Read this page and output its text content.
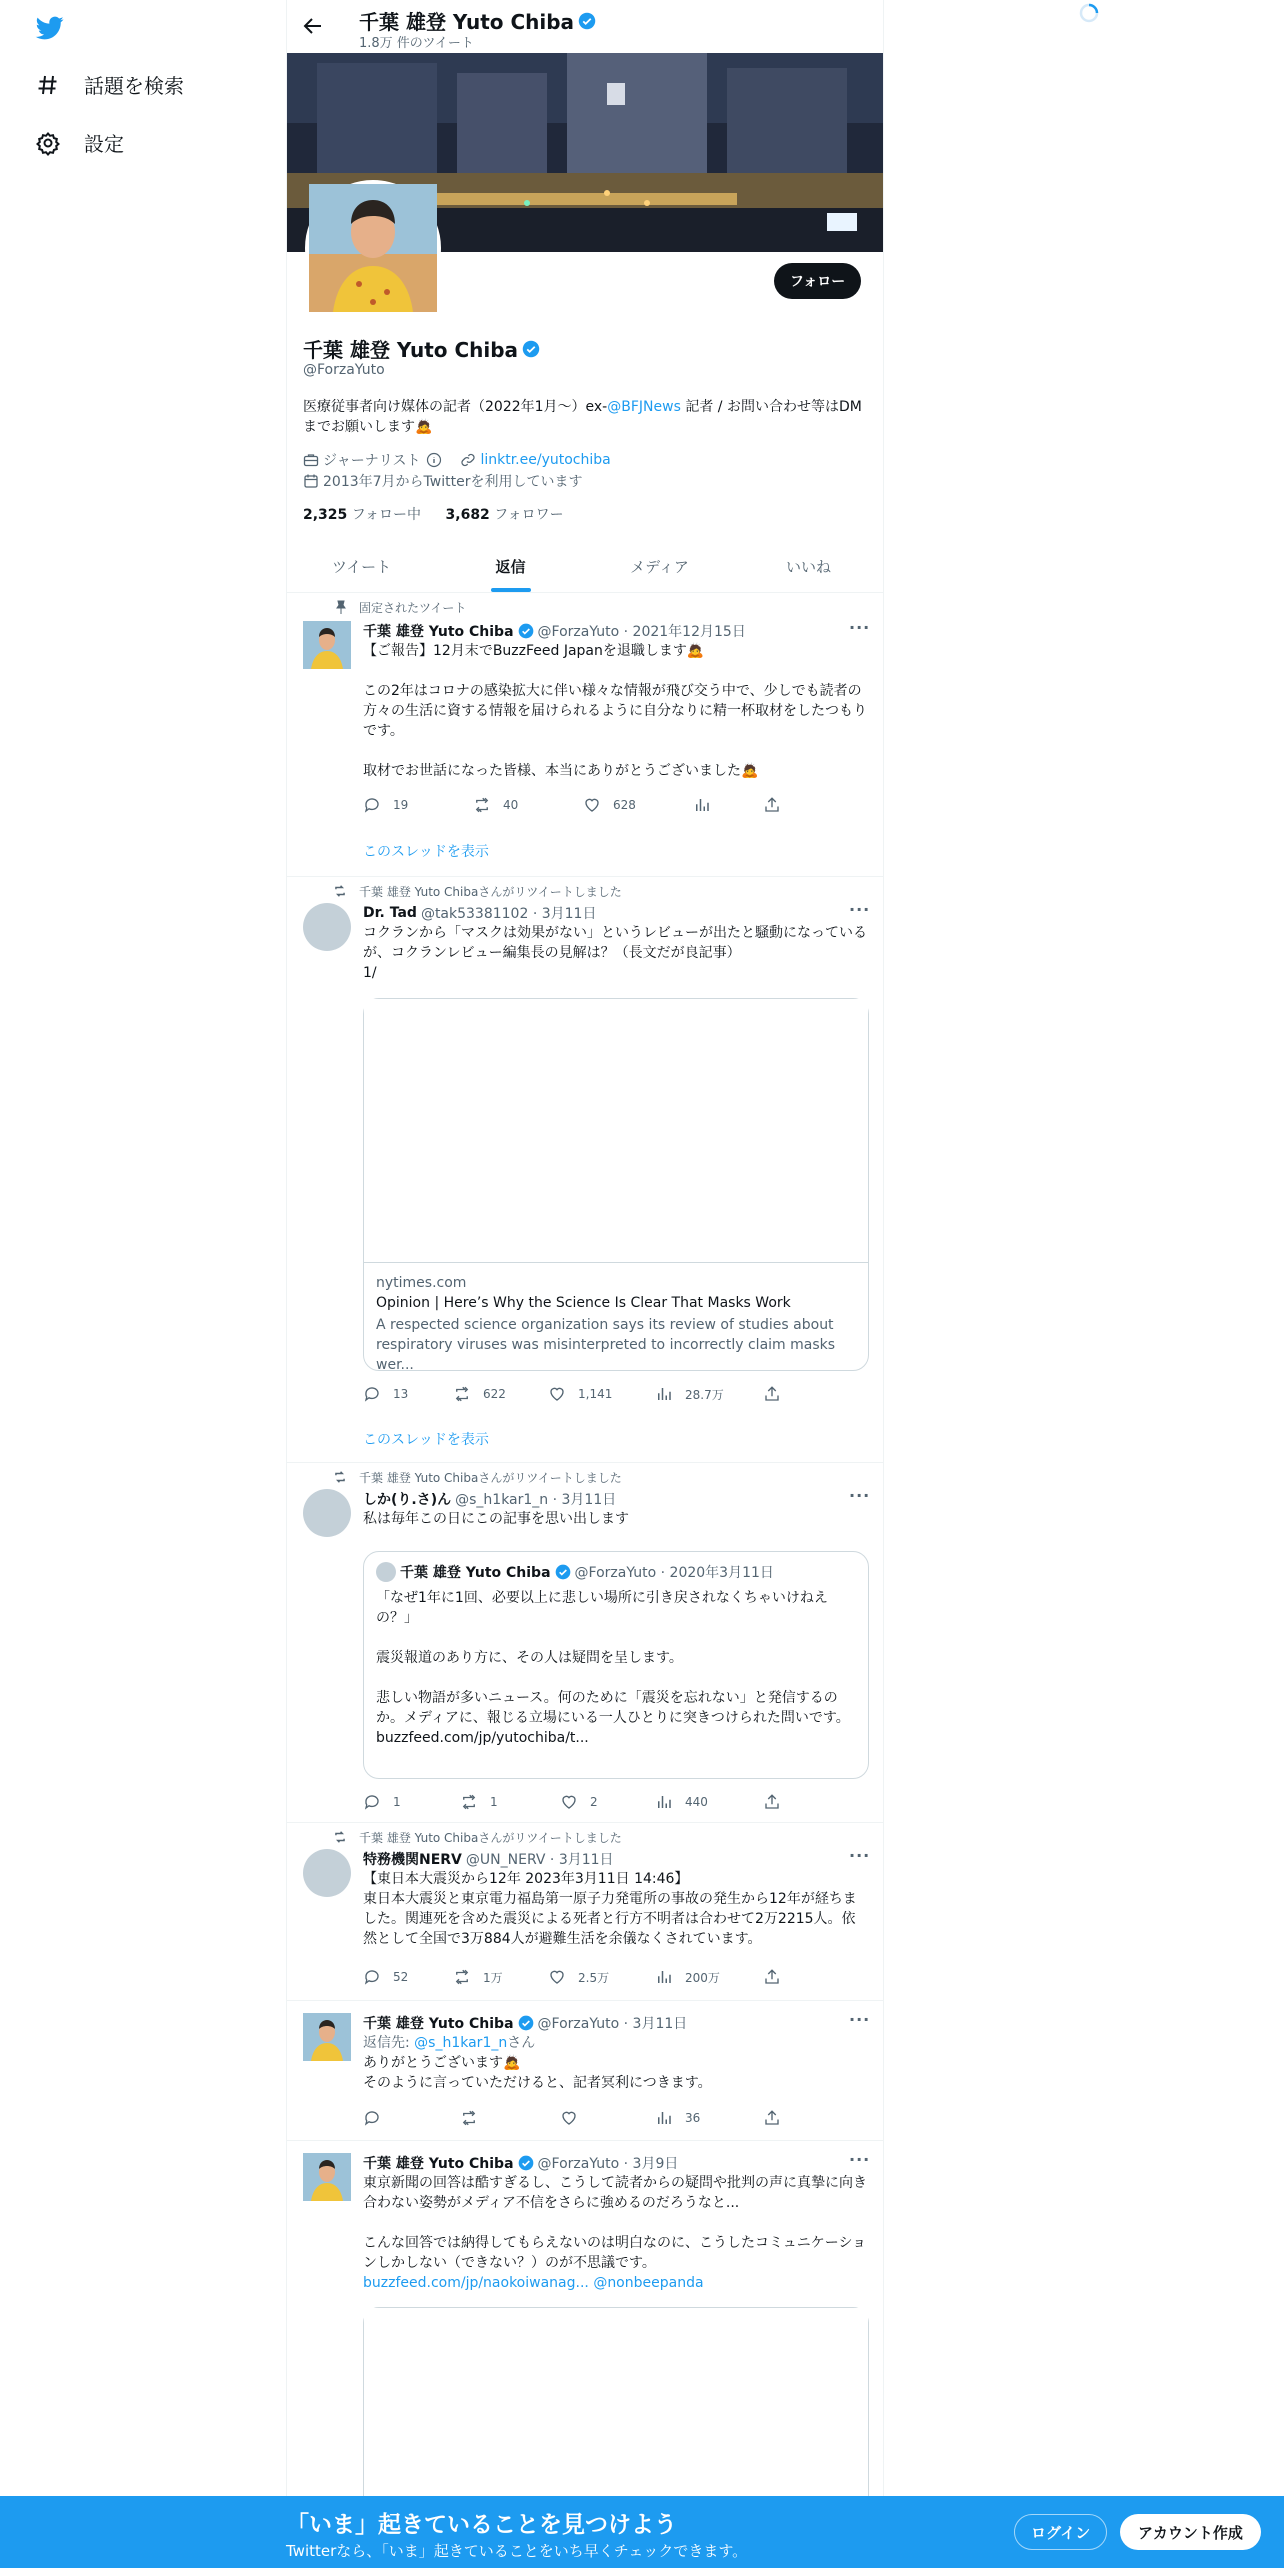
話題を検索
設定
千葉 雄登 Yuto Chiba
1.8万 件のツイート
フォロー
千葉 雄登 Yuto Chiba
@ForzaYuto
医療従事者向け媒体の記者（2022年1月〜）ex-@BFJNews 記者 / お問い合わせ等はDMまでお願いします🙇
ジャーナリスト	linktr.ee/yutochiba
2013年7月からTwitterを利用しています
2,325 フォロー中 3,682 フォロワー
ツイート	返信	メディア	いいね
固定されたツイート
千葉 雄登 Yuto Chiba @ForzaYuto · 2021年12月15日	···
【ご報告】12月末でBuzzFeed Japanを退職します🙇

この2年はコロナの感染拡大に伴い様々な情報が飛び交う中で、少しでも読者の方々の生活に資する情報を届けられるように自分なりに精一杯取材をしたつもりです。

取材でお世話になった皆様、本当にありがとうございました🙇
19	40	628
このスレッドを表示
千葉 雄登 Yuto Chibaさんがリツイートしました
Dr. Tad @tak53381102 · 3月11日	···
コクランから「マスクは効果がない」というレビューが出たと騒動になっているが、コクランレビュー編集長の見解は？（長文だが良記事）
1/
nytimes.com
Opinion | Here’s Why the Science Is Clear That Masks Work
A respected science organization says its review of studies about respiratory viruses was misinterpreted to incorrectly claim masks wer...
13	622	1,141	28.7万
このスレッドを表示
千葉 雄登 Yuto Chibaさんがリツイートしました
しか(り.さ)ん @s_h1kar1_n · 3月11日	···
私は毎年この日にこの記事を思い出します
千葉 雄登 Yuto Chiba @ForzaYuto · 2020年3月11日
「なぜ1年に1回、必要以上に悲しい場所に引き戻されなくちゃいけねえの？」

震災報道のあり方に、その人は疑問を呈します。

悲しい物語が多いニュース。何のために「震災を忘れない」と発信するのか。メディアに、報じる立場にいる一人ひとりに突きつけられた問いです。
buzzfeed.com/jp/yutochiba/t...
1	1	2	440
千葉 雄登 Yuto Chibaさんがリツイートしました
特務機関NERV @UN_NERV · 3月11日	···
【東日本大震災から12年 2023年3月11日 14:46】
東日本大震災と東京電力福島第一原子力発電所の事故の発生から12年が経ちました。関連死を含めた震災による死者と行方不明者は合わせて2万2215人。依然として全国で3万884人が避難生活を余儀なくされています。
52	1万	2.5万	200万
千葉 雄登 Yuto Chiba @ForzaYuto · 3月11日	···
返信先: @s_h1kar1_nさん
ありがとうございます🙇
そのように言っていただけると、記者冥利につきます。
36
千葉 雄登 Yuto Chiba @ForzaYuto · 3月9日	···
東京新聞の回答は酷すぎるし、こうして読者からの疑問や批判の声に真摯に向き合わない姿勢がメディア不信をさらに強めるのだろうなと...

こんな回答では納得してもらえないのは明白なのに、こうしたコミュニケーションしかしない（できない？）のが不思議です。
buzzfeed.com/jp/naokoiwanag... @nonbeepanda
「いま」起きていることを見つけよう
Twitterなら、「いま」起きていることをいち早くチェックできます。
ログイン	アカウント作成
